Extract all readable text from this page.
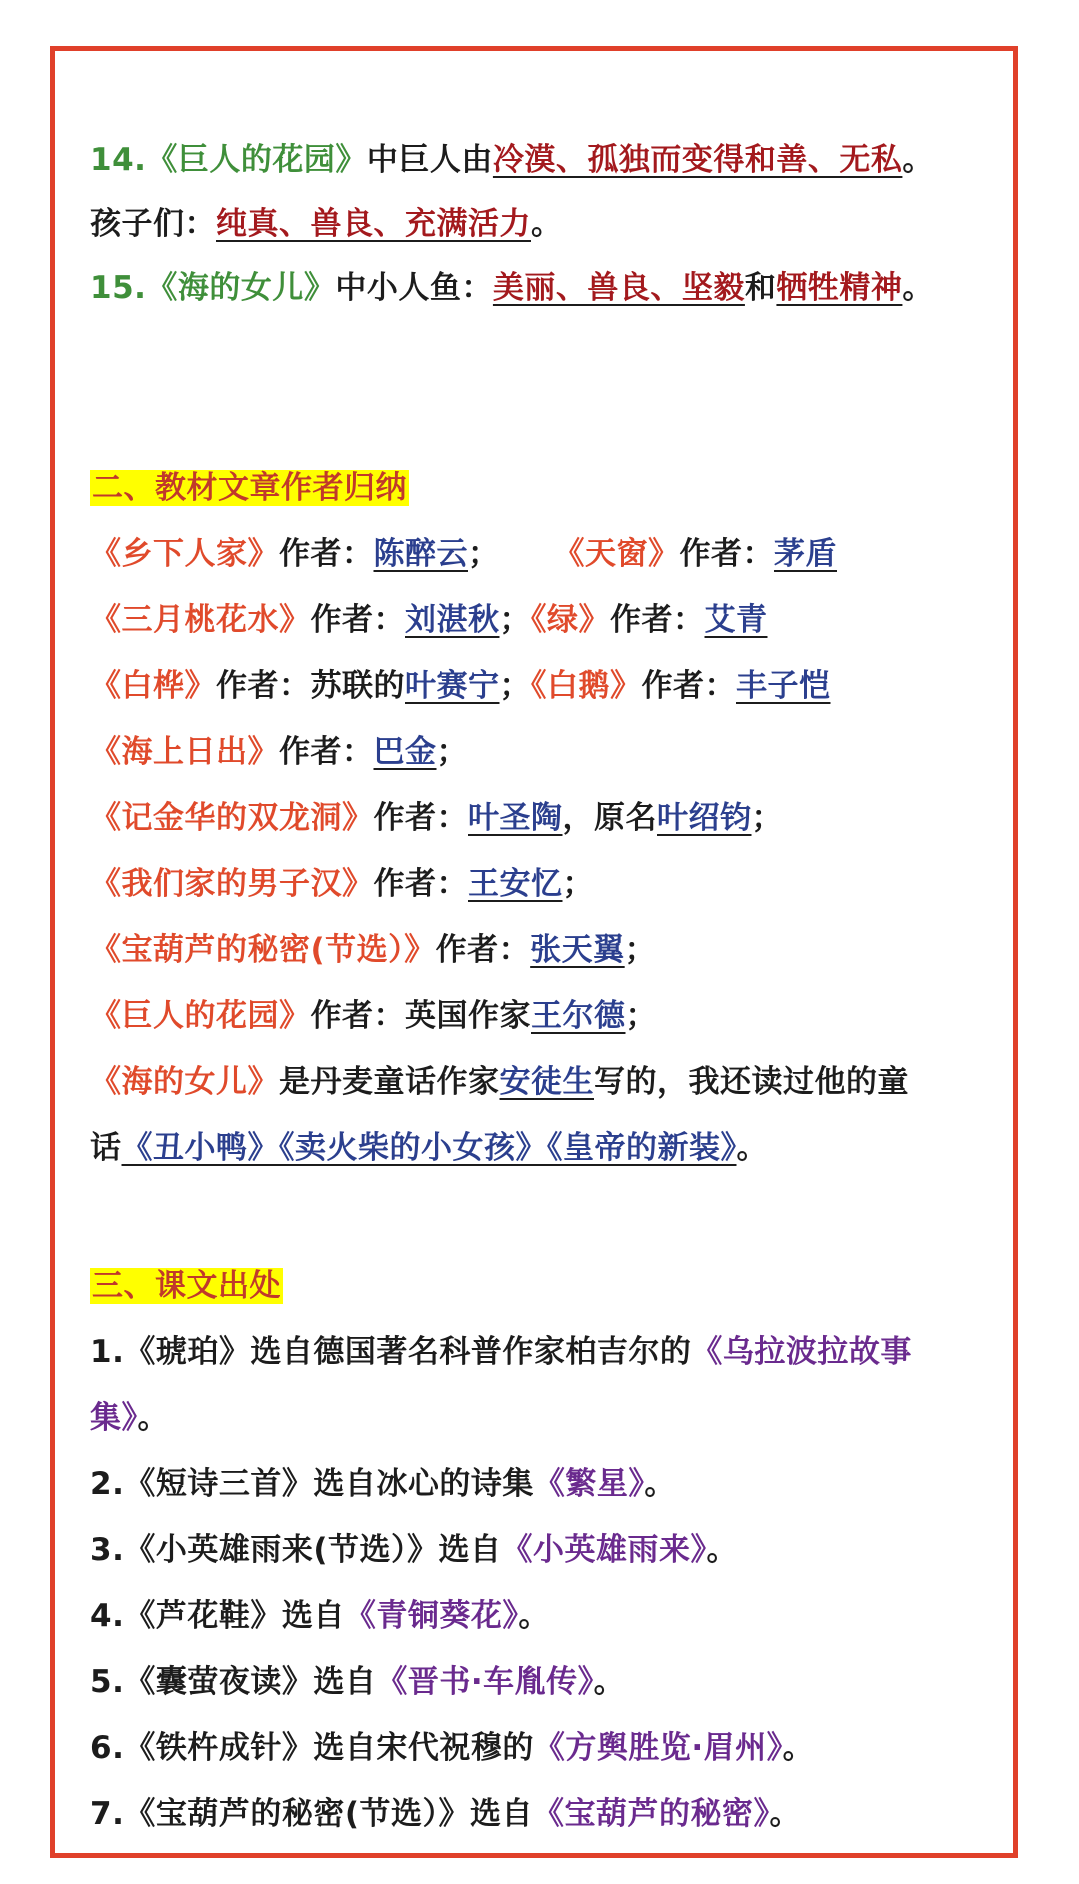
14.《巨人的花园》中巨人由冷漠、孤独而变得和善、无私。
孩子们：纯真、兽良、充满活力。
15.《海的女儿》中小人鱼：美丽、兽良、坚毅和牺牲精神。
二、教材文章作者归纳
《乡下人家》作者：陈醉云； 《天窗》作者：茅盾
《三月桃花水》作者：刘湛秋；《绿》作者：艾青
《白桦》作者：苏联的叶赛宁；《白鹅》作者：丰子恺
《海上日出》作者：巴金；
《记金华的双龙洞》作者：叶圣陶，原名叶绍钧；
《我们家的男子汉》作者：王安忆；
《宝葫芦的秘密(节选）》作者：张天翼；
《巨人的花园》作者：英国作家王尔德；
《海的女儿》是丹麦童话作家安徒生写的，我还读过他的童
话《丑小鸭》《卖火柴的小女孩》《皇帝的新装》。
三、课文出处
1.《琥珀》选自德国著名科普作家柏吉尔的《乌拉波拉故事
集》。
2.《短诗三首》选自冰心的诗集《繁星》。
3.《小英雄雨来(节选）》选自《小英雄雨来》。
4.《芦花鞋》选自《青铜葵花》。
5.《囊萤夜读》选自《晋书·车胤传》。
6.《铁杵成针》选自宋代祝穆的《方舆胜览·眉州》。
7.《宝葫芦的秘密(节选）》选自《宝葫芦的秘密》。
